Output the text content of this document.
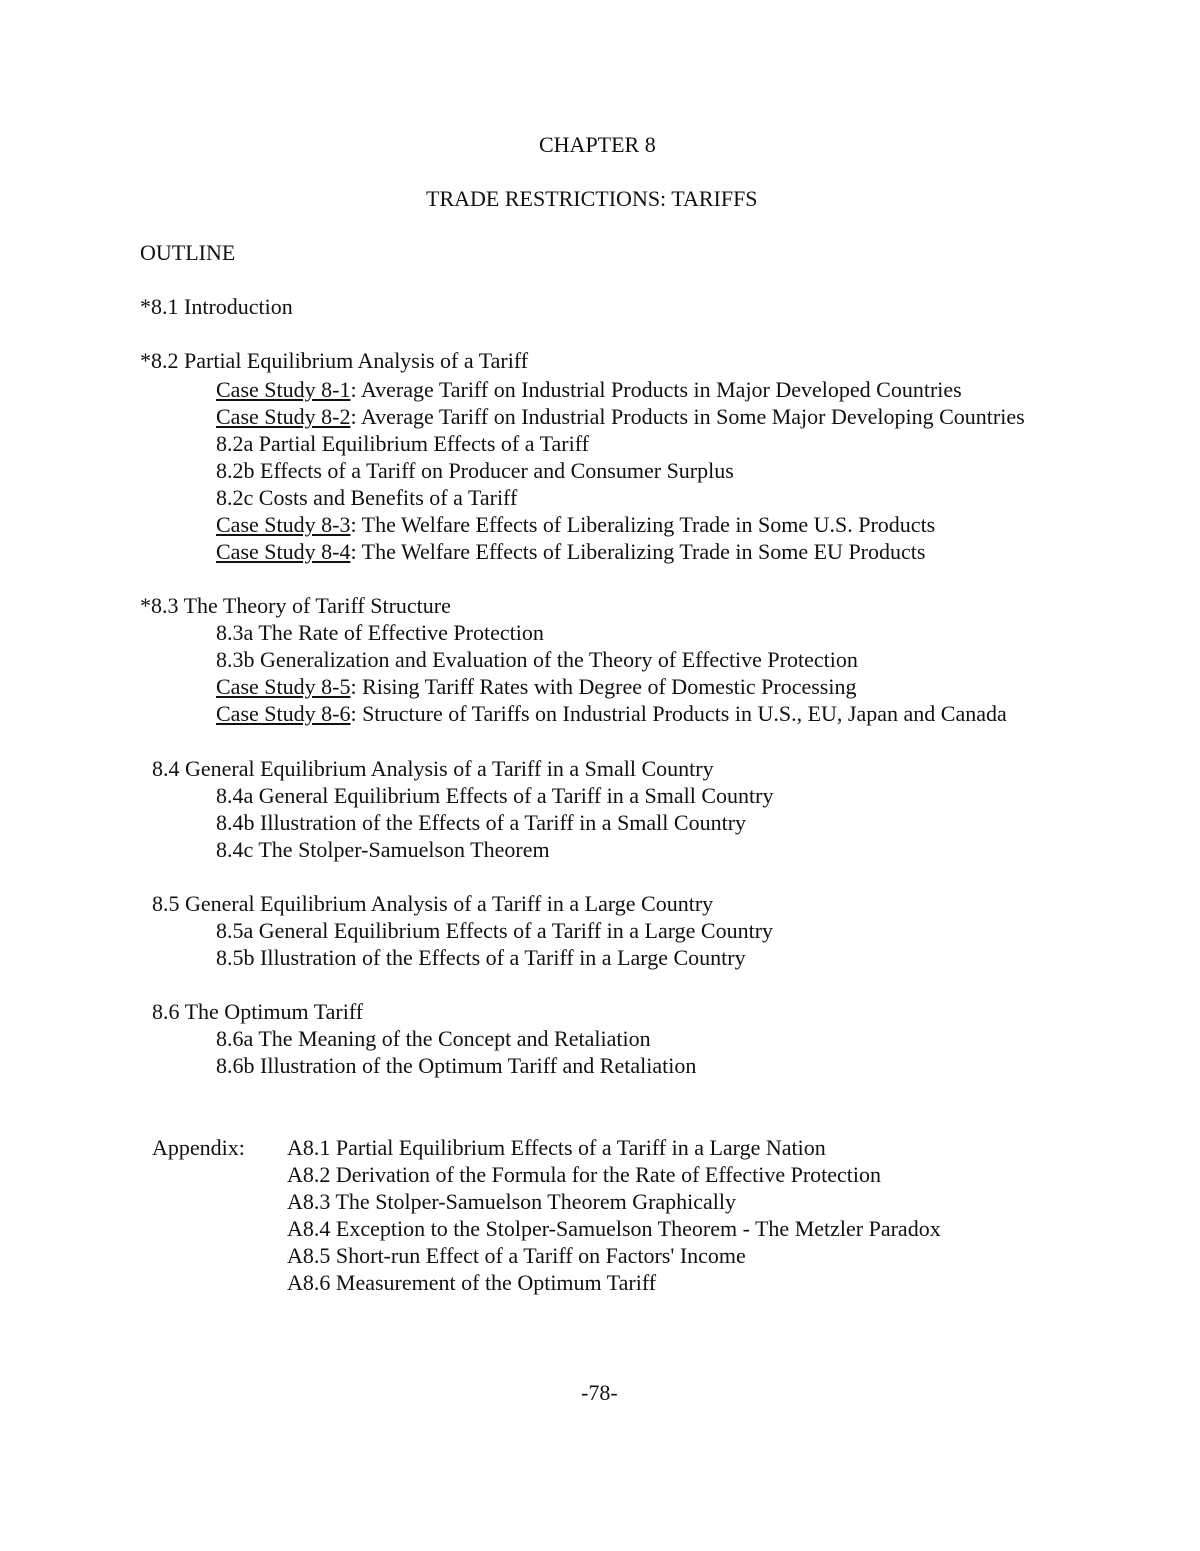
CHAPTER 8
TRADE RESTRICTIONS: TARIFFS
OUTLINE
*8.1 Introduction
*8.2 Partial Equilibrium Analysis of a Tariff
Case Study 8-1: Average Tariff on Industrial Products in Major Developed Countries
Case Study 8-2: Average Tariff on Industrial Products in Some Major Developing Countries
8.2a Partial Equilibrium Effects of a Tariff
8.2b Effects of a Tariff on Producer and Consumer Surplus
8.2c Costs and Benefits of a Tariff
Case Study 8-3: The Welfare Effects of Liberalizing Trade in Some U.S. Products
Case Study 8-4: The Welfare Effects of Liberalizing Trade in Some EU Products
*8.3 The Theory of Tariff Structure
8.3a The Rate of Effective Protection
8.3b Generalization and Evaluation of the Theory of Effective Protection
Case Study 8-5: Rising Tariff Rates with Degree of Domestic Processing
Case Study 8-6: Structure of Tariffs on Industrial Products in U.S., EU, Japan and Canada
8.4 General Equilibrium Analysis of a Tariff in a Small Country
8.4a General Equilibrium Effects of a Tariff in a Small Country
8.4b Illustration of the Effects of a Tariff in a Small Country
8.4c The Stolper-Samuelson Theorem
8.5 General Equilibrium Analysis of a Tariff in a Large Country
8.5a General Equilibrium Effects of a Tariff in a Large Country
8.5b Illustration of the Effects of a Tariff in a Large Country
8.6 The Optimum Tariff
8.6a The Meaning of the Concept and Retaliation
8.6b Illustration of the Optimum Tariff and Retaliation
Appendix: A8.1 Partial Equilibrium Effects of a Tariff in a Large Nation
A8.2 Derivation of the Formula for the Rate of Effective Protection
A8.3 The Stolper-Samuelson Theorem Graphically
A8.4 Exception to the Stolper-Samuelson Theorem - The Metzler Paradox
A8.5 Short-run Effect of a Tariff on Factors' Income
A8.6 Measurement of the Optimum Tariff
-78-
